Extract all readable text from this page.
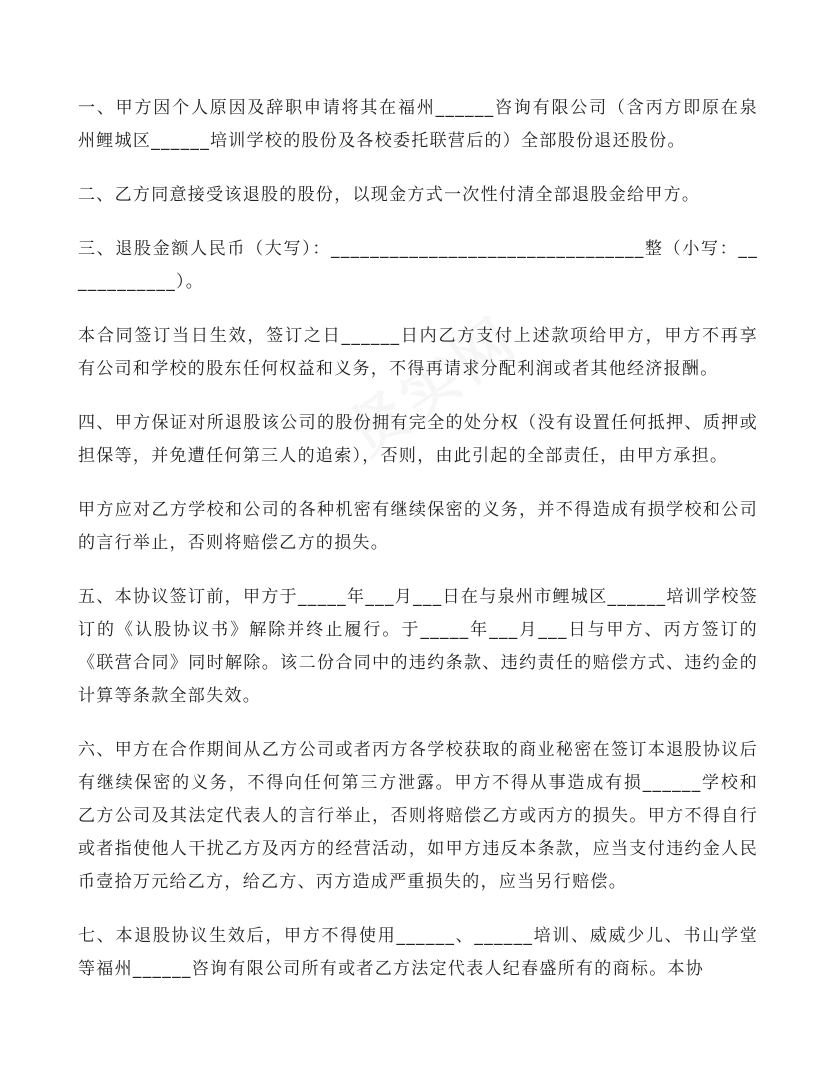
一、甲方因个人原因及辞职申请将其在福州______咨询有限公司（含丙方即原在泉州鲤城区______培训学校的股份及各校委托联营后的）全部股份退还股份。

二、乙方同意接受该退股的股份，以现金方式一次性付清全部退股金给甲方。

三、退股金额人民币（大写）：________________________________整（小写：____________）。

本合同签订当日生效，签订之日______日内乙方支付上述款项给甲方，甲方不再享有公司和学校的股东任何权益和义务，不得再请求分配利润或者其他经济报酬。

四、甲方保证对所退股该公司的股份拥有完全的处分权（没有设置任何抵押、质押或担保等，并免遭任何第三人的追索），否则，由此引起的全部责任，由甲方承担。

甲方应对乙方学校和公司的各种机密有继续保密的义务，并不得造成有损学校和公司的言行举止，否则将赔偿乙方的损失。

五、本协议签订前，甲方于_____年___月___日在与泉州市鲤城区______培训学校签订的《认股协议书》解除并终止履行。于_____年___月___日与甲方、丙方签订的《联营合同》同时解除。该二份合同中的违约条款、违约责任的赔偿方式、违约金的计算等条款全部失效。

六、甲方在合作期间从乙方公司或者丙方各学校获取的商业秘密在签订本退股协议后有继续保密的义务，不得向任何第三方泄露。甲方不得从事造成有损______学校和乙方公司及其法定代表人的言行举止，否则将赔偿乙方或丙方的损失。甲方不得自行或者指使他人干扰乙方及丙方的经营活动，如甲方违反本条款，应当支付违约金人民币壹拾万元给乙方，给乙方、丙方造成严重损失的，应当另行赔偿。

七、本退股协议生效后，甲方不得使用______、______培训、威威少儿、书山学堂等福州______咨询有限公司所有或者乙方法定代表人纪春盛所有的商标。本协
